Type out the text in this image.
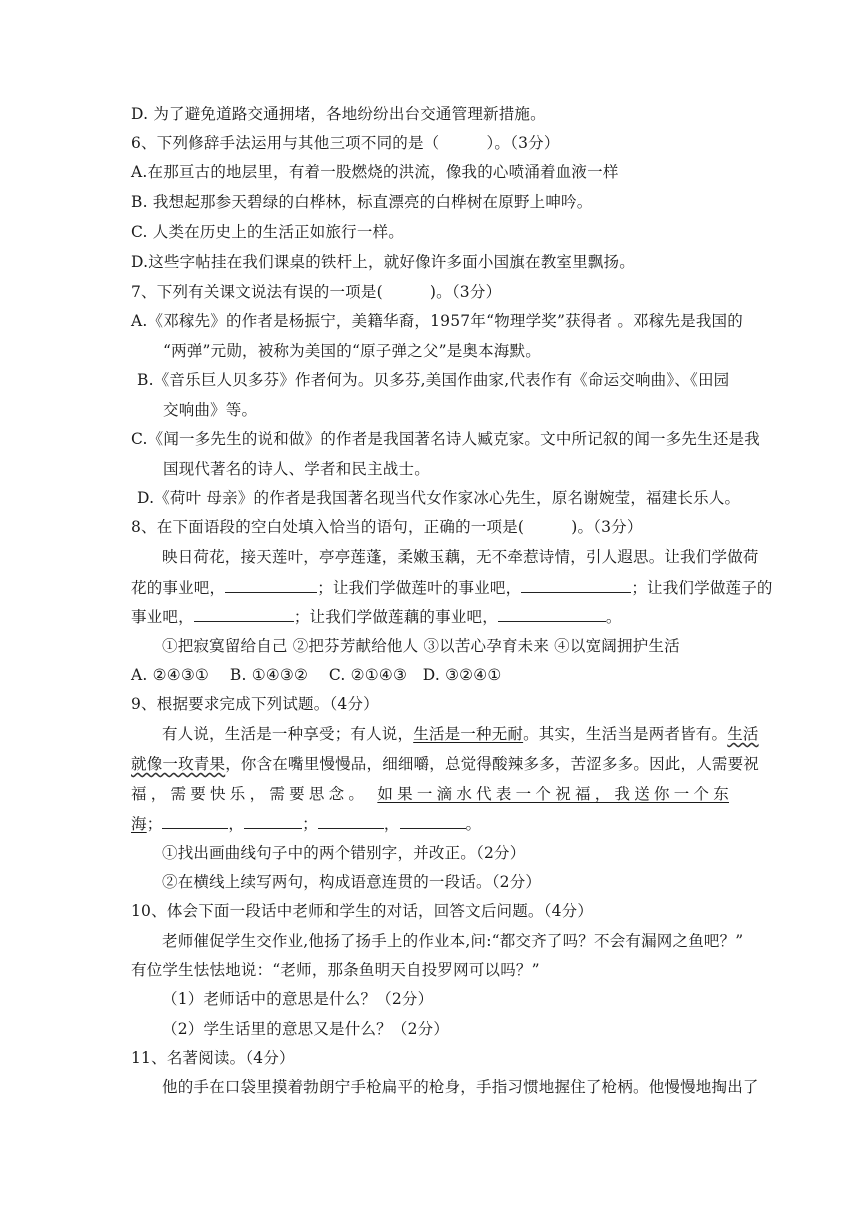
D. 为了避免道路交通拥堵，各地纷纷出台交通管理新措施。
6、下列修辞手法运用与其他三项不同的是（　　　）。（3分）
A.在那亘古的地层里，有着一股燃烧的洪流，像我的心喷涌着血液一样
B. 我想起那参天碧绿的白桦林，标直漂亮的白桦树在原野上呻吟。
C. 人类在历史上的生活正如旅行一样。
D.这些字帖挂在我们课桌的铁杆上，就好像许多面小国旗在教室里飘扬。
7、下列有关课文说法有误的一项是(　　　)。（3分）
A.《邓稼先》的作者是杨振宁，美籍华裔，1957年“物理学奖”获得者 。邓稼先是我国的
“两弹”元勋，被称为美国的“原子弹之父”是奥本海默。
B.《音乐巨人贝多芬》作者何为。贝多芬,美国作曲家,代表作有《命运交响曲》、《田园
交响曲》等。
C.《闻一多先生的说和做》的作者是我国著名诗人臧克家。文中所记叙的闻一多先生还是我
国现代著名的诗人、学者和民主战士。
D.《荷叶 母亲》的作者是我国著名现当代女作家冰心先生，原名谢婉莹，福建长乐人。
8、在下面语段的空白处填入恰当的语句，正确的一项是(　　　)。（3分）
映日荷花，接天莲叶，亭亭莲蓬，柔嫩玉藕，无不牵惹诗情，引人遐思。让我们学做荷
花的事业吧，	；让我们学做莲叶的事业吧，	；让我们学做莲子的
事业吧，	；让我们学做莲藕的事业吧，	。
①把寂寞留给自己 ②把芬芳献给他人 ③以苦心孕育未来 ④以宽阔拥护生活
A. ②④③①　 B. ①④③②　 C. ②①④③　D. ③②④①
9、根据要求完成下列试题。（4分）
有人说，生活是一种享受；有人说，生活是一种无耐。其实，生活当是两者皆有。生活
就像一玫青果，你含在嘴里慢慢品，细细嚼，总觉得酸辣多多，苦涩多多。因此，人需要祝
福，需要快乐，需要思念。 如果一滴水代表一个祝福，我送你一个东
海；	，	；	，	。
①找出画曲线句子中的两个错别字，并改正。（2分）
②在横线上续写两句，构成语意连贯的一段话。（2分）
10、体会下面一段话中老师和学生的对话，回答文后问题。（4分）
老师催促学生交作业,他扬了扬手上的作业本,问:“都交齐了吗？不会有漏网之鱼吧？”
有位学生怯怯地说：“老师，那条鱼明天自投罗网可以吗？”
（1）老师话中的意思是什么？（2分）
（2）学生话里的意思又是什么？（2分）
11、名著阅读。（4分）
他的手在口袋里摸着勃朗宁手枪扁平的枪身，手指习惯地握住了枪柄。他慢慢地掏出了
